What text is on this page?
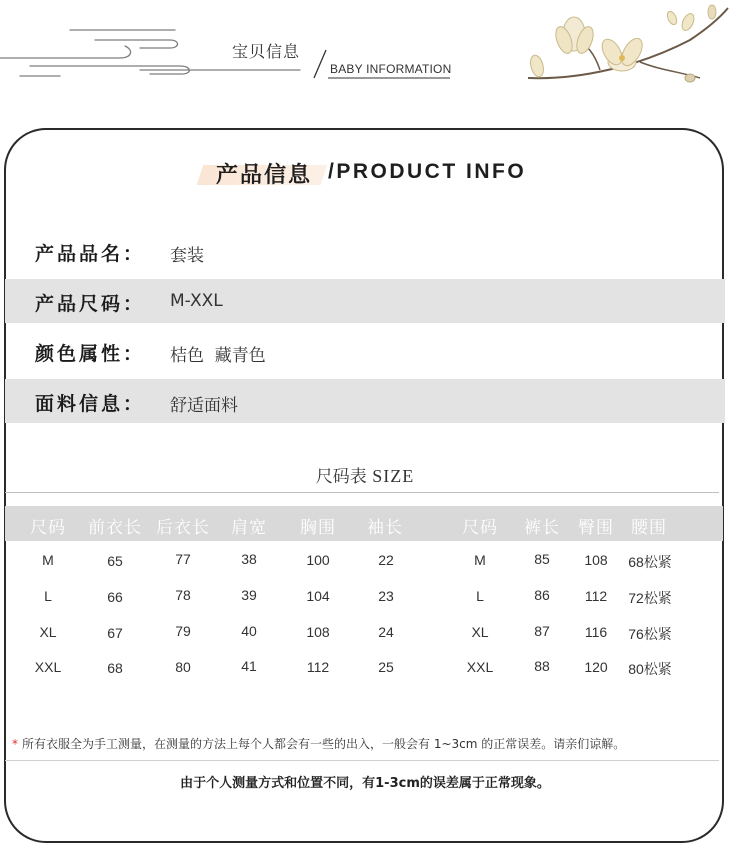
宝贝信息
BABY INFORMATION
产品信息 /PRODUCT INFO
产品品名： 套装
产品尺码： M-XXL
颜色属性： 桔色  藏青色
面料信息： 舒适面料
尺码表 SIZE
尺码 前衣长 后衣长 肩宽 胸围 袖长	尺码 裤长 臀围 腰围
M	65	77	38	100	22	M	85 108 68松紧
L	66	78	39	104	23	L	86	112 72松紧
XL	67	79	40	108	24	XL	87	116 76松紧
XXL	68	80	41	112	25	XXL	88 120 80松紧
* 所有衣服全为手工测量，在测量的方法上每个人都会有一些的出入，一般会有 1~3cm 的正常误差。请亲们谅解。
由于个人测量方式和位置不同，有1-3cm的误差属于正常现象。
